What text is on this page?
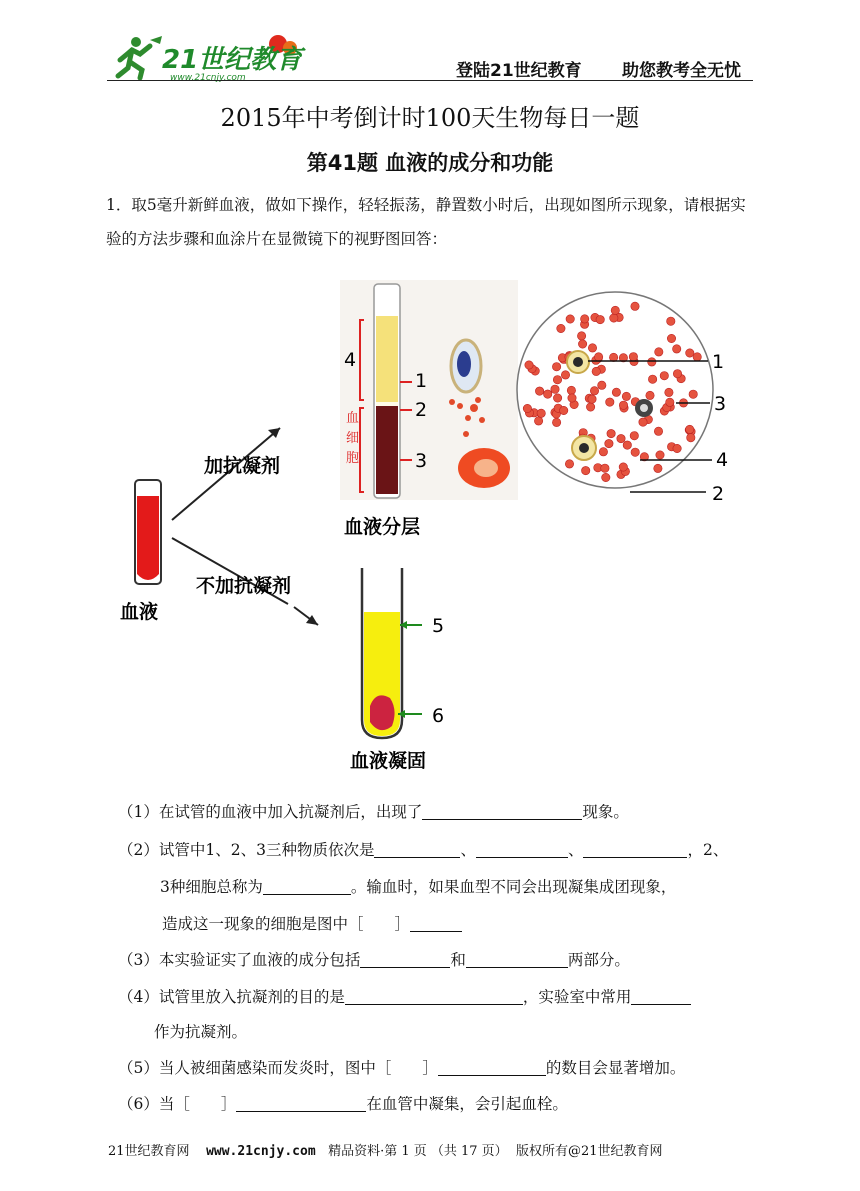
21世纪教育
www.21cnjy.com	登陆21世纪教育 助您教考全无忧
2015年中考倒计时100天生物每日一题
第41题 血液的成分和功能
1．取5毫升新鲜血液，做如下操作，轻轻振荡，静置数小时后，出现如图所示现象，请根据实验的方法步骤和血涂片在显微镜下的视野图回答：
血液
加抗凝剂
不加抗凝剂
4
血
细
胞
1
2
3
血液分层
1
3
4
2
5
6
血液凝固
（1）在试管的血液中加入抗凝剂后，出现了	现象。
（2）试管中1、2、3三种物质依次是	、	、	，2、
3种细胞总称为	。输血时，如果血型不同会出现凝集成团现象，
造成这一现象的细胞是图中［　　］
（3）本实验证实了血液的成分包括	和	两部分。
（4）试管里放入抗凝剂的目的是	，实验室中常用
作为抗凝剂。
（5）当人被细菌感染而发炎时，图中［　　］	的数目会显著增加。
（6）当［　　］	在血管中凝集，会引起血栓。
21世纪教育网 www.21cnjy.com 精品资料·第 1 页 （共 17 页） 版权所有@21世纪教育网
